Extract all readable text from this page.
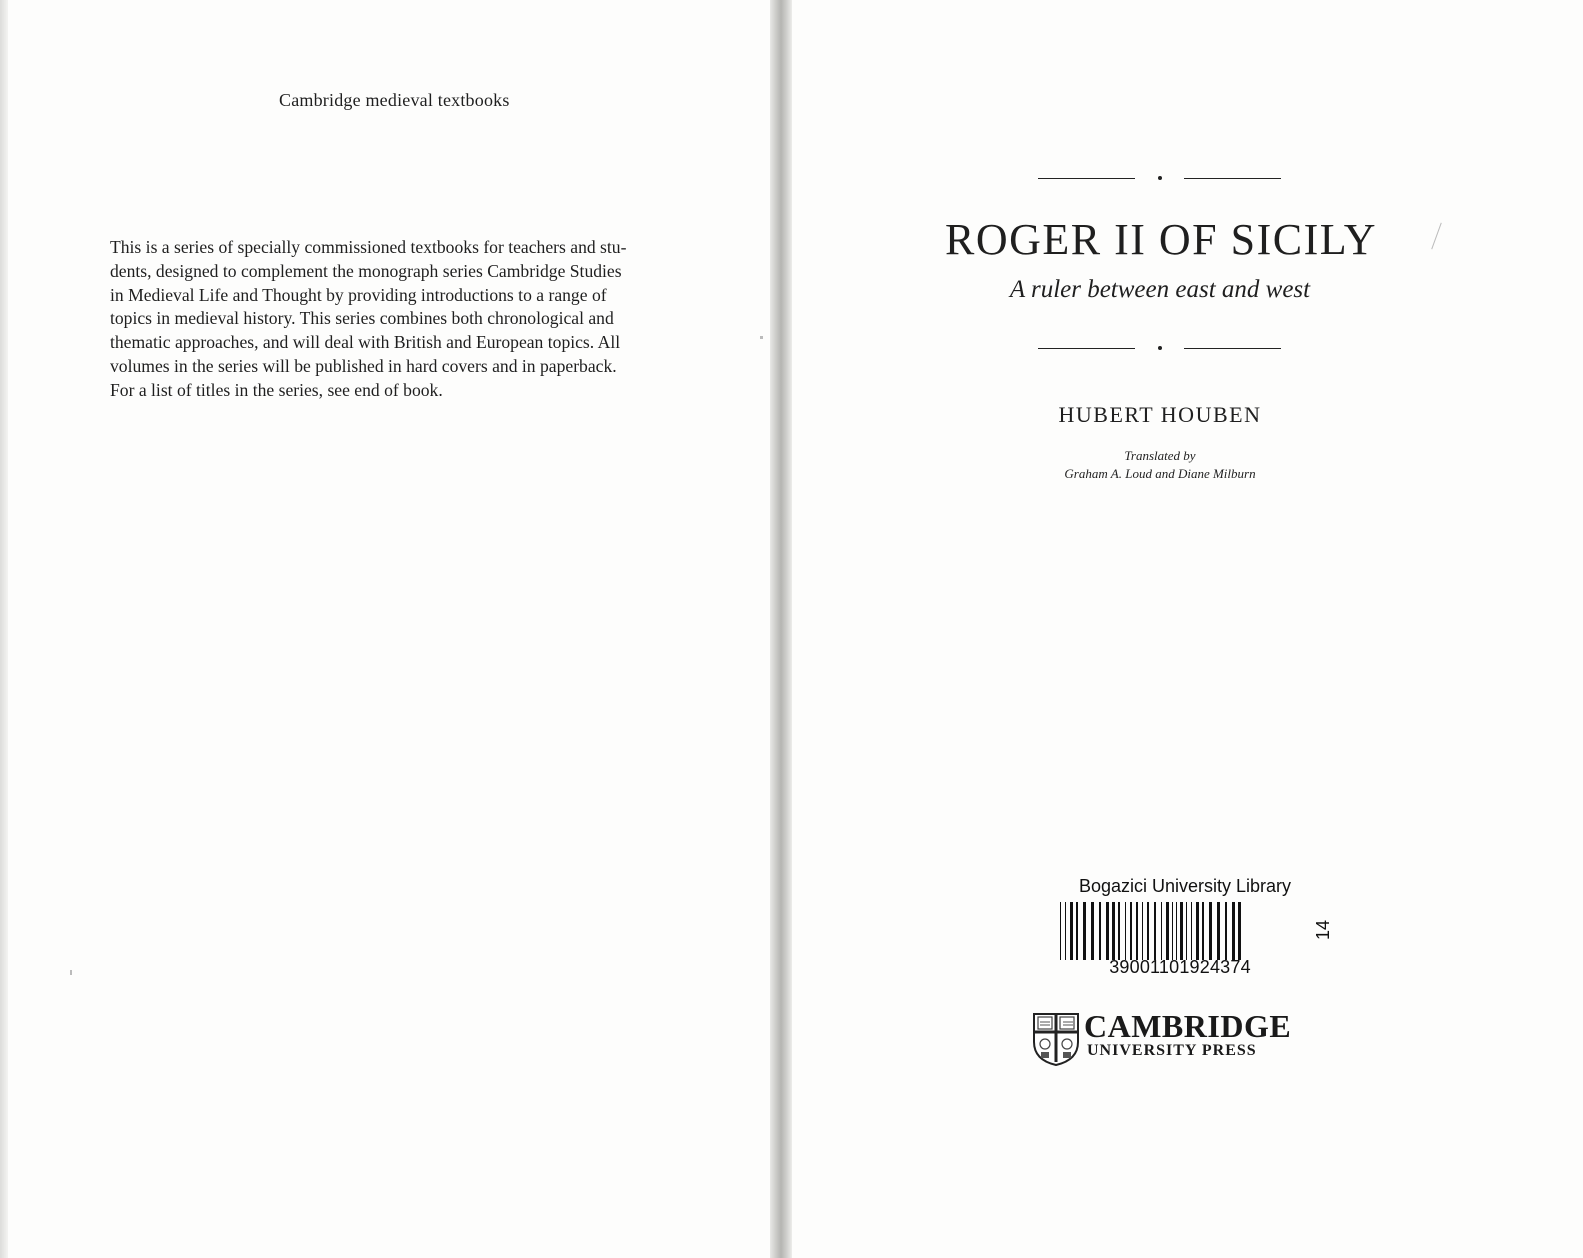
Cambridge medieval textbooks
This is a series of specially commissioned textbooks for teachers and stu-
dents, designed to complement the monograph series Cambridge Studies
in Medieval Life and Thought by providing introductions to a range of
topics in medieval history. This series combines both chronological and
thematic approaches, and will deal with British and European topics. All
volumes in the series will be published in hard covers and in paperback.
For a list of titles in the series, see end of book.
ROGER II OF SICILY
A ruler between east and west
HUBERT HOUBEN
Translated by
Graham A. Loud and Diane Milburn
Bogazici University Library
39001101924374
14
CAMBRIDGE
UNIVERSITY PRESS
